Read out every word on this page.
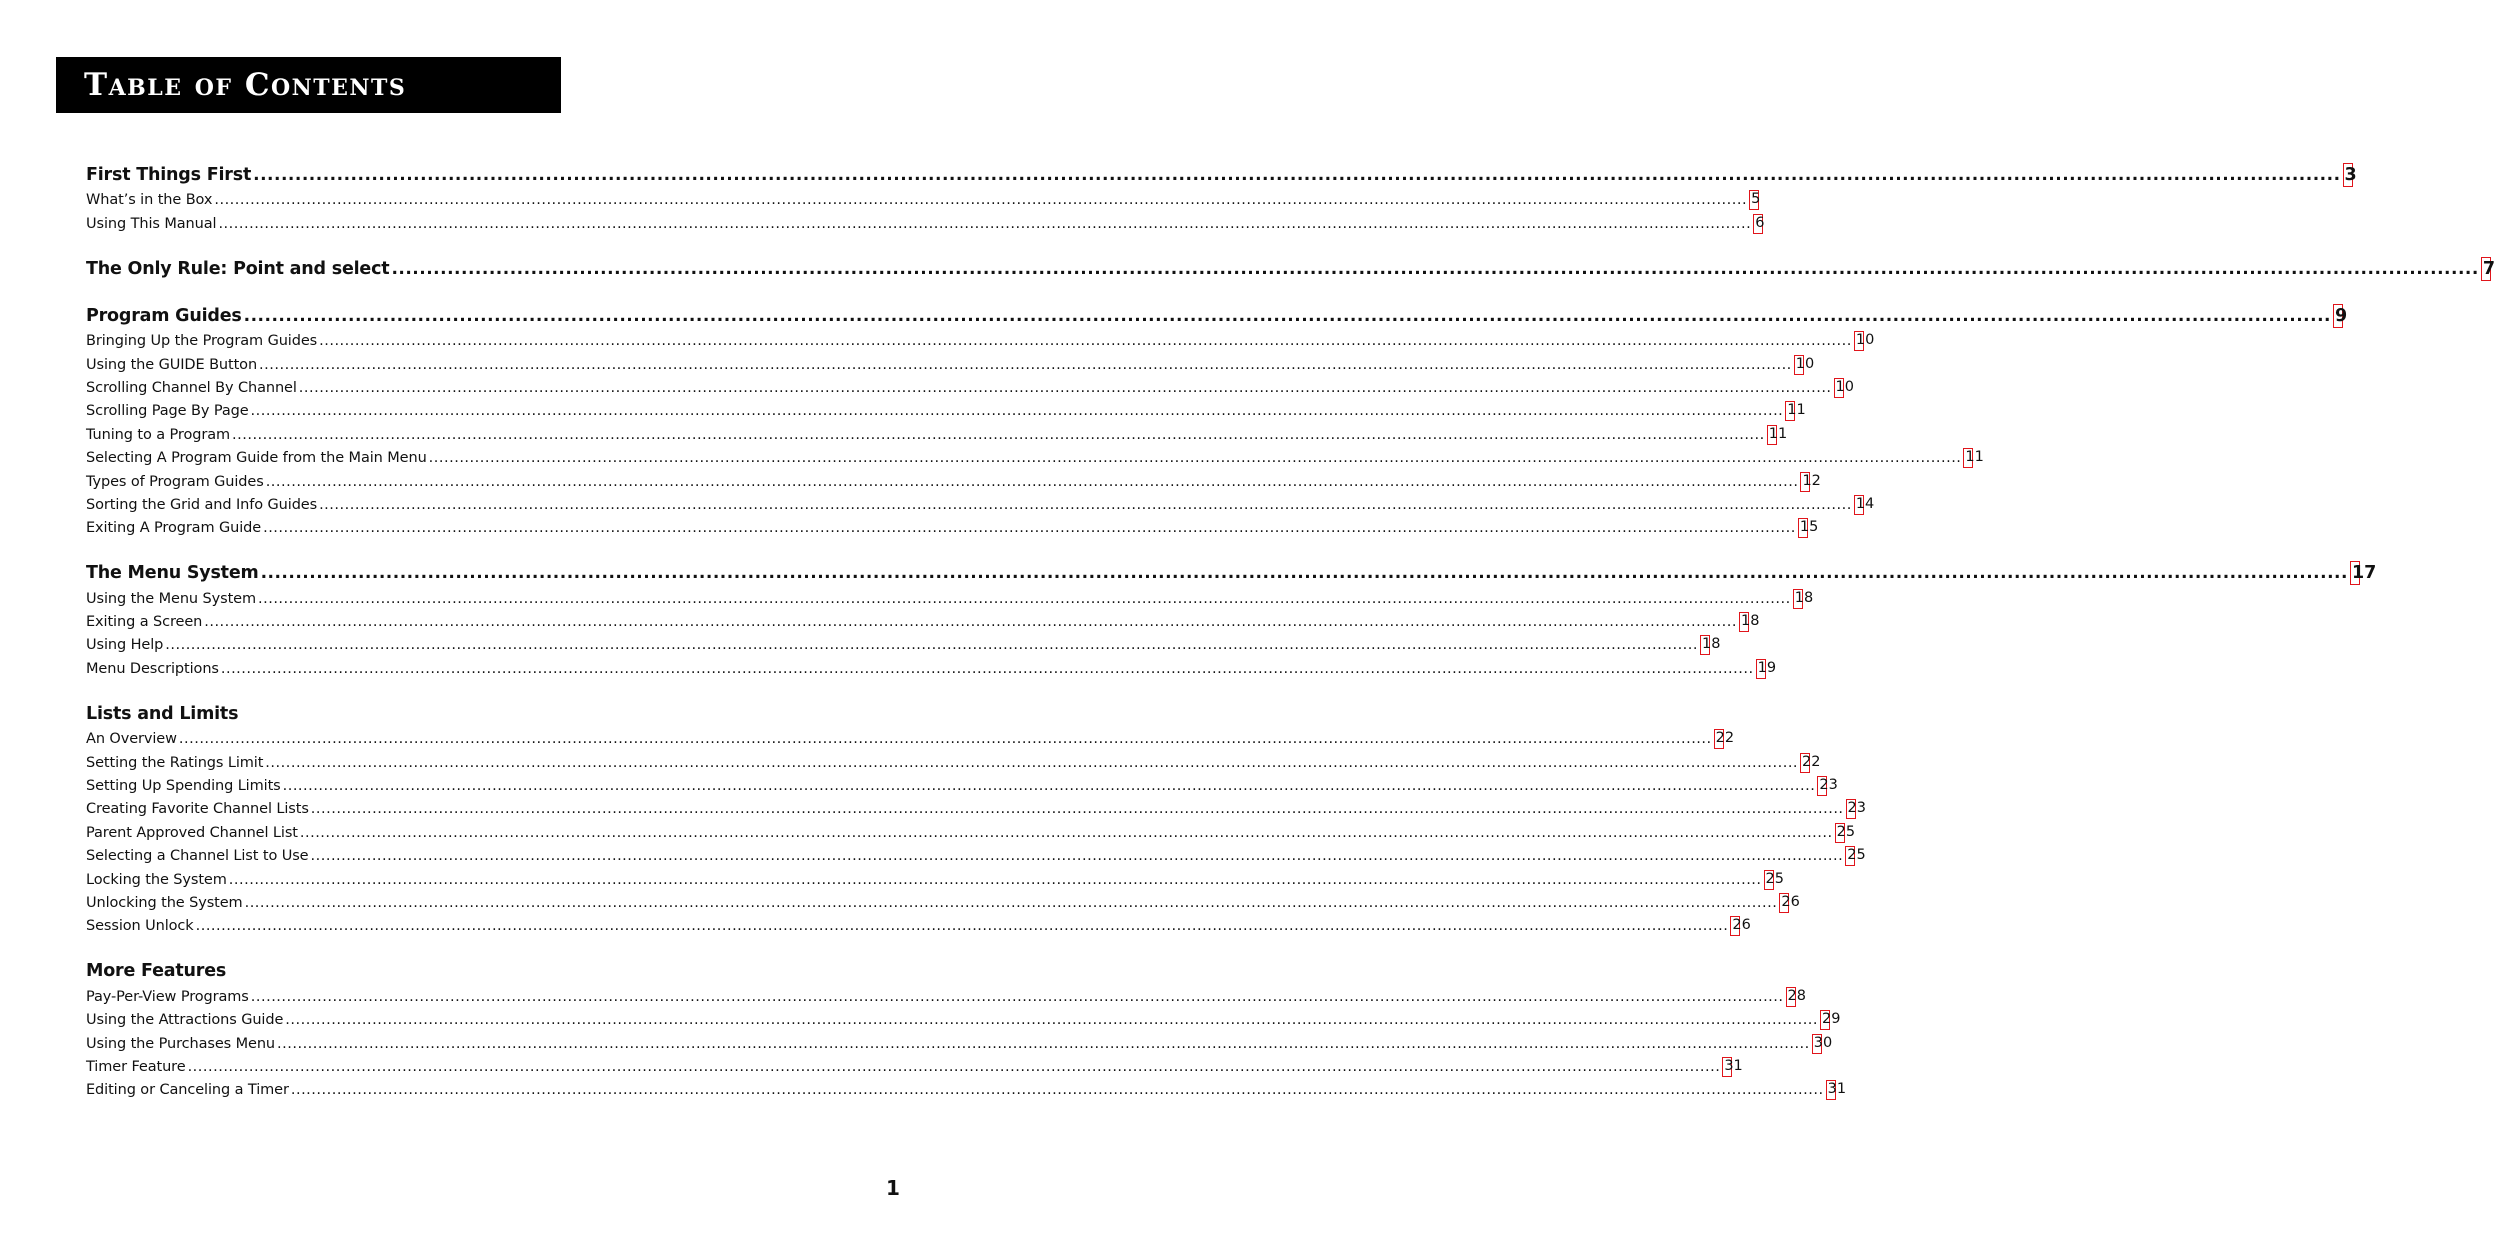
Table of Contents
First Things First ............................................................................................................................................................................................................................................................................................................ 3
What’s in the Box ............................................................................................................................................................................................................................................................................................................ 5
Using This Manual ............................................................................................................................................................................................................................................................................................................ 6
The Only Rule: Point and select ............................................................................................................................................................................................................................................................................................................ 7
Program Guides ............................................................................................................................................................................................................................................................................................................ 9
Bringing Up the Program Guides ............................................................................................................................................................................................................................................................................................................ 10
Using the GUIDE Button ............................................................................................................................................................................................................................................................................................................ 10
Scrolling Channel By Channel ............................................................................................................................................................................................................................................................................................................ 10
Scrolling Page By Page ............................................................................................................................................................................................................................................................................................................ 11
Tuning to a Program ............................................................................................................................................................................................................................................................................................................ 11
Selecting A Program Guide from the Main Menu ............................................................................................................................................................................................................................................................................................................ 11
Types of Program Guides ............................................................................................................................................................................................................................................................................................................ 12
Sorting the Grid and Info Guides ............................................................................................................................................................................................................................................................................................................ 14
Exiting A Program Guide ............................................................................................................................................................................................................................................................................................................ 15
The Menu System ............................................................................................................................................................................................................................................................................................................ 17
Using the Menu System ............................................................................................................................................................................................................................................................................................................ 18
Exiting a Screen ............................................................................................................................................................................................................................................................................................................ 18
Using Help ............................................................................................................................................................................................................................................................................................................ 18
Menu Descriptions ............................................................................................................................................................................................................................................................................................................ 19
Lists and Limits
An Overview ............................................................................................................................................................................................................................................................................................................ 22
Setting the Ratings Limit ............................................................................................................................................................................................................................................................................................................ 22
Setting Up Spending Limits ............................................................................................................................................................................................................................................................................................................ 23
Creating Favorite Channel Lists ............................................................................................................................................................................................................................................................................................................ 23
Parent Approved Channel List ............................................................................................................................................................................................................................................................................................................ 25
Selecting a Channel List to Use ............................................................................................................................................................................................................................................................................................................ 25
Locking the System ............................................................................................................................................................................................................................................................................................................ 25
Unlocking the System ............................................................................................................................................................................................................................................................................................................ 26
Session Unlock ............................................................................................................................................................................................................................................................................................................ 26
More Features
Pay-Per-View Programs ............................................................................................................................................................................................................................................................................................................ 28
Using the Attractions Guide ............................................................................................................................................................................................................................................................................................................ 29
Using the Purchases Menu ............................................................................................................................................................................................................................................................................................................ 30
Timer Feature ............................................................................................................................................................................................................................................................................................................ 31
Editing or Canceling a Timer ............................................................................................................................................................................................................................................................................................................ 31
1
